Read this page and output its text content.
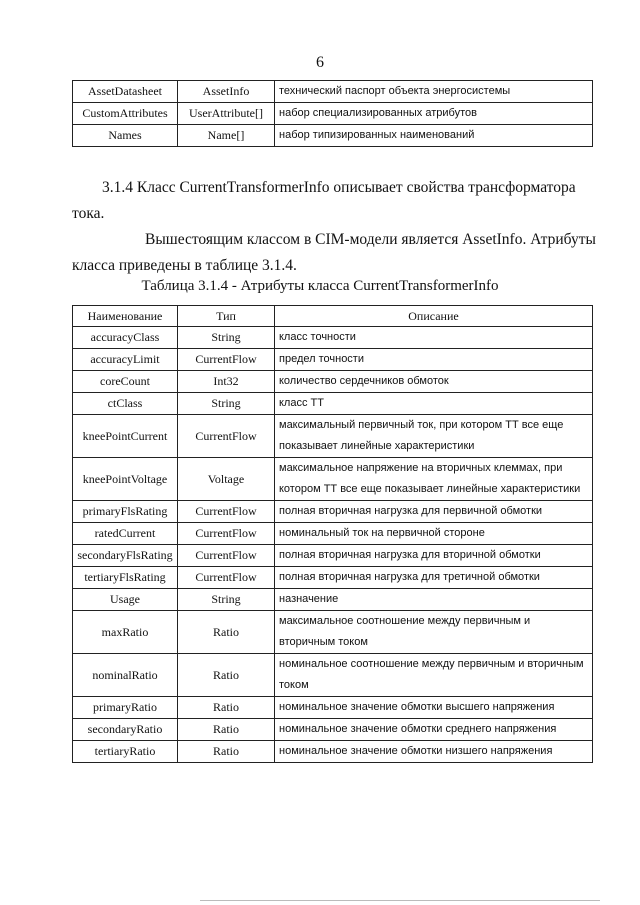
6
AssetDatasheet	AssetInfo	технический паспорт объекта энергосистемы
CustomAttributes	UserAttribute[]	набор специализированных атрибутов
Names	Name[]	набор типизированных наименований
3.1.4 Класс CurrentTransformerInfo описывает свойства трансформатора тока.
Вышестоящим классом в CIM-модели является AssetInfo. Атрибуты
класса приведены в таблице 3.1.4.
Таблица 3.1.4 - Атрибуты класса CurrentTransformerInfo
Наименование	Тип	Описание
accuracyClass	String	класс точности
accuracyLimit	CurrentFlow	предел точности
coreCount	Int32	количество сердечников обмоток
ctClass	String	класс ТТ
kneePointCurrent	CurrentFlow	максимальный первичный ток, при котором ТТ все еще показывает линейные характеристики
kneePointVoltage	Voltage	максимальное напряжение на вторичных клеммах, при котором ТТ все еще показывает линейные характеристики
primaryFlsRating	CurrentFlow	полная вторичная нагрузка для первичной обмотки
ratedCurrent	CurrentFlow	номинальный ток на первичной стороне
secondaryFlsRating	CurrentFlow	полная вторичная нагрузка для вторичной обмотки
tertiaryFlsRating	CurrentFlow	полная вторичная нагрузка для третичной обмотки
Usage	String	назначение
maxRatio	Ratio	максимальное соотношение между первичным и вторичным током
nominalRatio	Ratio	номинальное соотношение между первичным и вторичным током
primaryRatio	Ratio	номинальное значение обмотки высшего напряжения
secondaryRatio	Ratio	номинальное значение обмотки среднего напряжения
tertiaryRatio	Ratio	номинальное значение обмотки низшего напряжения
